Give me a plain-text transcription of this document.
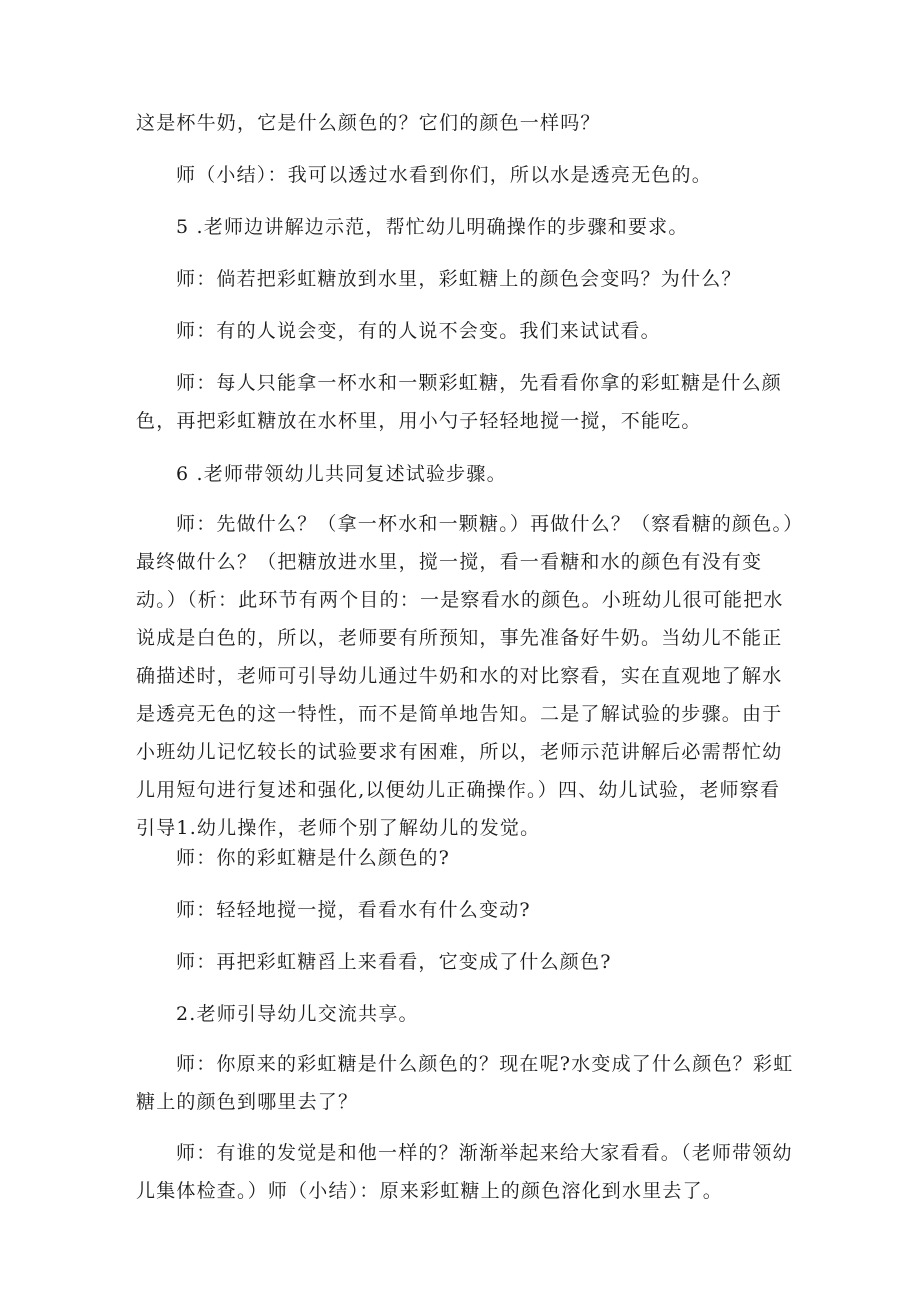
这是杯牛奶，它是什么颜色的？它们的颜色一样吗？

师（小结）：我可以透过水看到你们，所以水是透亮无色的。

5 .老师边讲解边示范，帮忙幼儿明确操作的步骤和要求。

师：倘若把彩虹糖放到水里，彩虹糖上的颜色会变吗？为什么？

师：有的人说会变，有的人说不会变。我们来试试看。

师：每人只能拿一杯水和一颗彩虹糖，先看看你拿的彩虹糖是什么颜色，再把彩虹糖放在水杯里，用小勺子轻轻地搅一搅，不能吃。

6 .老师带领幼儿共同复述试验步骤。

师：先做什么？（拿一杯水和一颗糖。）再做什么？（察看糖的颜色。）最终做什么？（把糖放进水里，搅一搅，看一看糖和水的颜色有没有变动。）（析：此环节有两个目的：一是察看水的颜色。小班幼儿很可能把水说成是白色的，所以，老师要有所预知，事先准备好牛奶。当幼儿不能正确描述时，老师可引导幼儿通过牛奶和水的对比察看，实在直观地了解水是透亮无色的这一特性，而不是简单地告知。二是了解试验的步骤。由于小班幼儿记忆较长的试验要求有困难，所以，老师示范讲解后必需帮忙幼儿用短句进行复述和强化,以便幼儿正确操作。）四、幼儿试验，老师察看引导1.幼儿操作，老师个别了解幼儿的发觉。

师：你的彩虹糖是什么颜色的?

师：轻轻地搅一搅，看看水有什么变动?

师：再把彩虹糖舀上来看看，它变成了什么颜色?

2.老师引导幼儿交流共享。

师：你原来的彩虹糖是什么颜色的？现在呢?水变成了什么颜色？彩虹糖上的颜色到哪里去了？

师：有谁的发觉是和他一样的？渐渐举起来给大家看看。（老师带领幼儿集体检查。）师（小结）：原来彩虹糖上的颜色溶化到水里去了。
